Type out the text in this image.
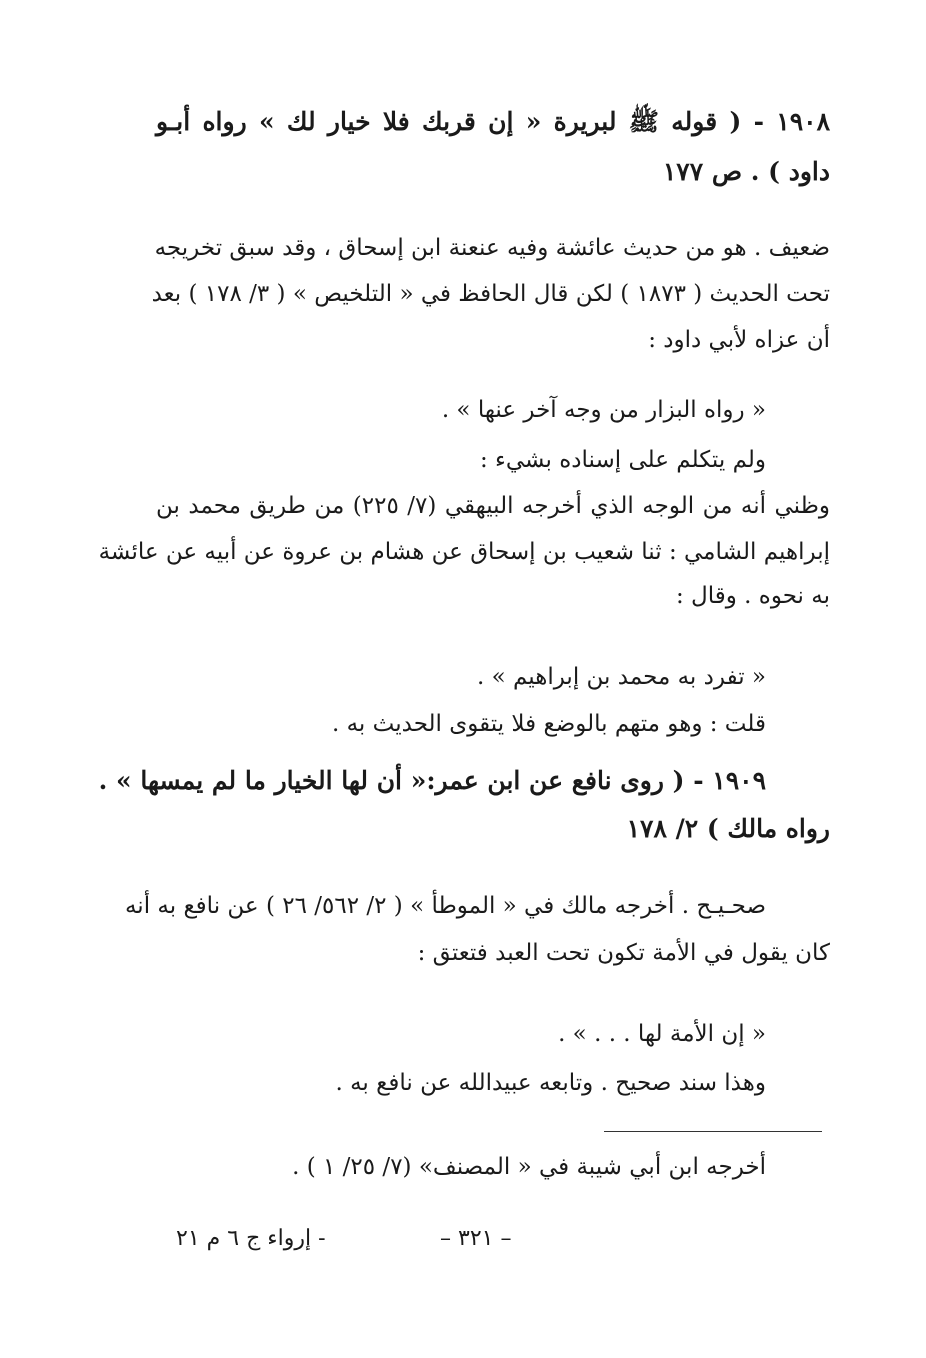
١٩٠٨ - ( قوله ﷺ لبريرة « إن قربك فلا خيار لك » رواه أبـو
داود ) . ص ١٧٧
ضعيف . هو من حديث عائشة وفيه عنعنة ابن إسحاق ، وقد سبق تخريجه
تحت الحديث ( ١٨٧٣ ) لكن قال الحافظ في « التلخيص » ( ٣/ ١٧٨ ) بعد
أن عزاه لأبي داود :
« رواه البزار من وجه آخر عنها » .
ولم يتكلم على إسناده بشيء :
وظني أنه من الوجه الذي أخرجه البيهقي (٧/ ٢٢٥) من طريق محمد بن
إبراهيم الشامي : ثنا شعيب بن إسحاق عن هشام بن عروة عن أبيه عن عائشة
به نحوه . وقال :
« تفرد به محمد بن إبراهيم » .
قلت : وهو متهم بالوضع فلا يتقوى الحديث به .
١٩٠٩ - ( روى نافع عن ابن عمر:« أن لها الخيار ما لم يمسها » .
رواه مالك ) ٢/ ١٧٨
صحـيـح . أخرجه مالك في « الموطأ » ( ٢/ ٥٦٢/ ٢٦ ) عن نافع به أنه
كان يقول في الأمة تكون تحت العبد فتعتق :
« إن الأمة لها . . . » .
وهذا سند صحيح . وتابعه عبيدالله عن نافع به .
أخرجه ابن أبي شيبة في « المصنف» (٧/ ٢٥/ ١ ) .
– ٣٢١ –
- إرواء ج ٦ م ٢١
